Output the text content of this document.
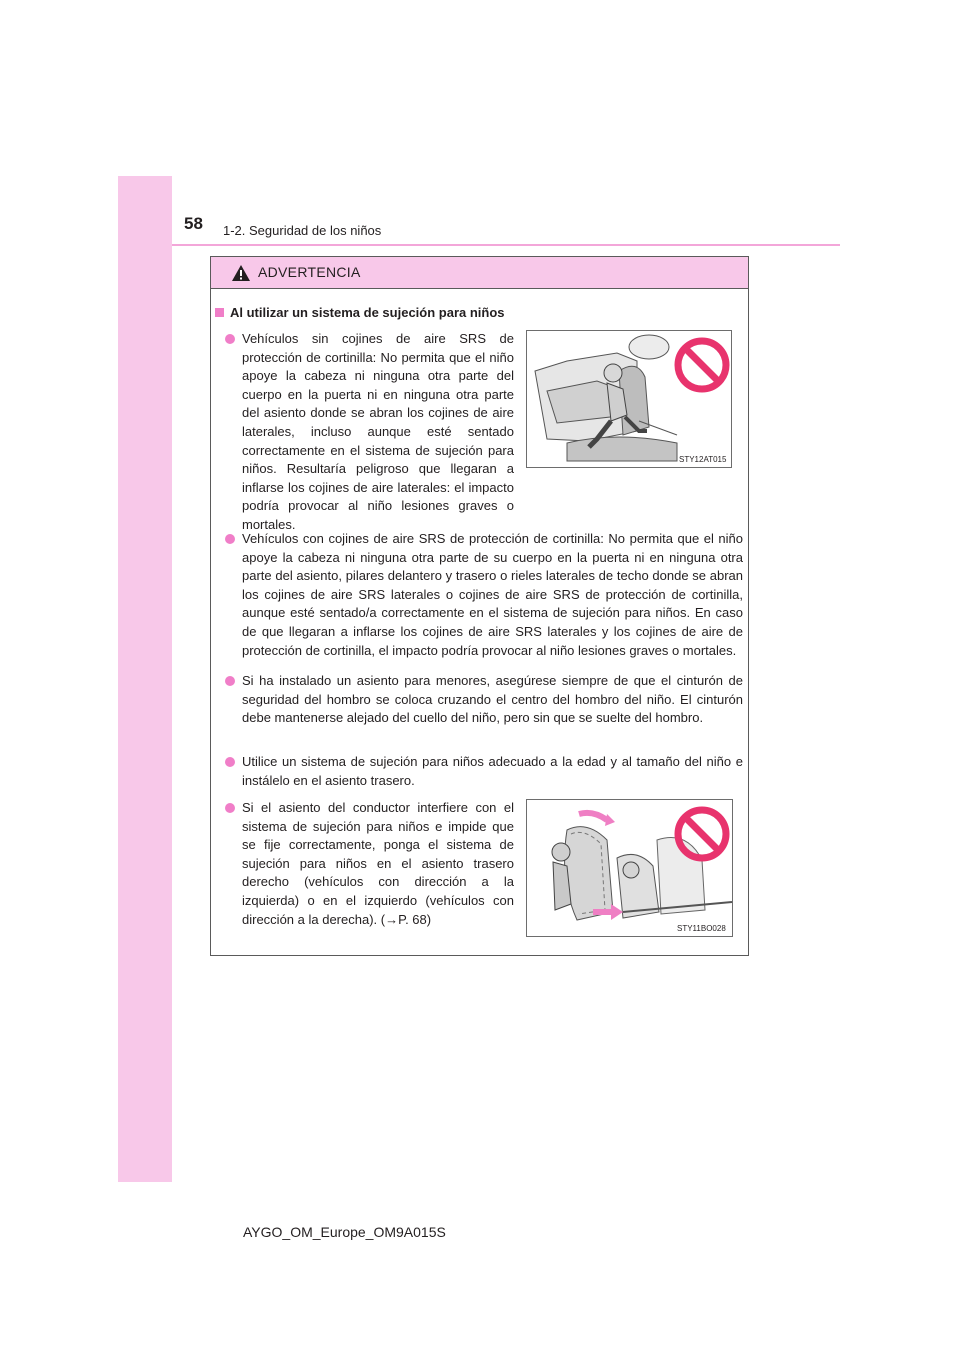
58 1-2. Seguridad de los niños
ADVERTENCIA
Al utilizar un sistema de sujeción para niños
Vehículos sin cojines de aire SRS de protección de cortinilla: No permita que el niño apoye la cabeza ni ninguna otra parte del cuerpo en la puerta ni en ninguna otra parte del asiento donde se abran los cojines de aire laterales, incluso aunque esté sentado correctamente en el sistema de sujeción para niños. Resultaría peligroso que llegaran a inflarse los cojines de aire laterales: el impacto podría provocar al niño lesiones graves o mortales.
Vehículos con cojines de aire SRS de protección de cortinilla: No permita que el niño apoye la cabeza ni ninguna otra parte de su cuerpo en la puerta ni en ninguna otra parte del asiento, pilares delantero y trasero o rieles laterales de techo donde se abran los cojines de aire SRS laterales o cojines de aire SRS de protección de cortinilla, aunque esté sentado/a correctamente en el sistema de sujeción para niños. En caso de que llegaran a inflarse los cojines de aire SRS laterales y los cojines de aire de protección de cortinilla, el impacto podría provocar al niño lesiones graves o mortales.
Si ha instalado un asiento para menores, asegúrese siempre de que el cinturón de seguridad del hombro se coloca cruzando el centro del hombro del niño. El cinturón debe mantenerse alejado del cuello del niño, pero sin que se suelte del hombro.
Utilice un sistema de sujeción para niños adecuado a la edad y al tamaño del niño e instálelo en el asiento trasero.
Si el asiento del conductor interfiere con el sistema de sujeción para niños e impide que se fije correctamente, ponga el sistema de sujeción para niños en el asiento trasero derecho (vehículos con dirección a la izquierda) o en el izquierdo (vehículos con dirección a la derecha). (→P. 68)
STY12AT015
STY11BO028
AYGO_OM_Europe_OM9A015S
